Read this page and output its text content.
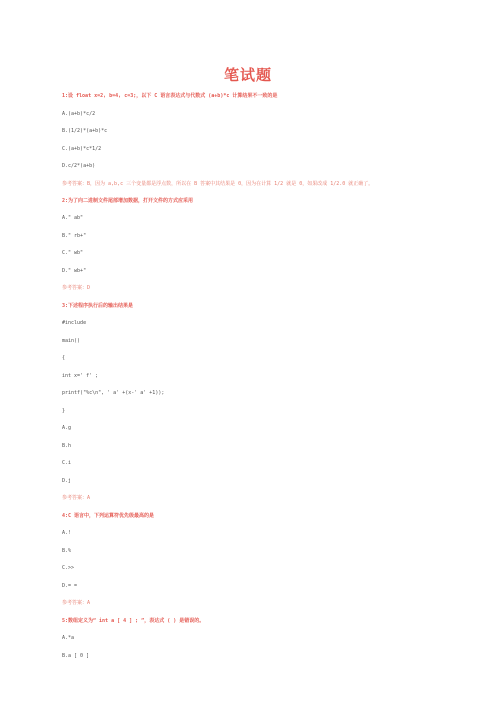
笔试题
1:设 float x=2, b=4, c=3;，以下 C 语言表达式与代数式 (a+b)*c 计算结果不一致的是
A.(a+b)*c/2
B.(1/2)*(a+b)*c
C.(a+b)*c*1/2
D.c/2*(a+b)
参考答案：B，因为 a,b,c 三个变量都是浮点数，所以在 B 答案中其结果是 0，因为在计算 1/2 就是 0，如果改成 1/2.0 就正确了。
2:为了向二进制文件尾部增加数据，打开文件的方式应采用
A." ab"
B." rb+"
C." wb"
D." wb+"
参考答案：D
3:下述程序执行后的输出结果是
#include
main()
{
int x=' f' ;
printf("%c\n", ' a' +(x-' a' +1));
}
A.g
B.h
C.i
D.j
参考答案：A
4:C 语言中，下列运算符优先级最高的是
A.!
B.%
C.>>
D.= =
参考答案：A
5:数组定义为“ int a [ 4 ] ; ”，表达式 ( ) 是错误的。
A.*a
B.a [ 0 ]
